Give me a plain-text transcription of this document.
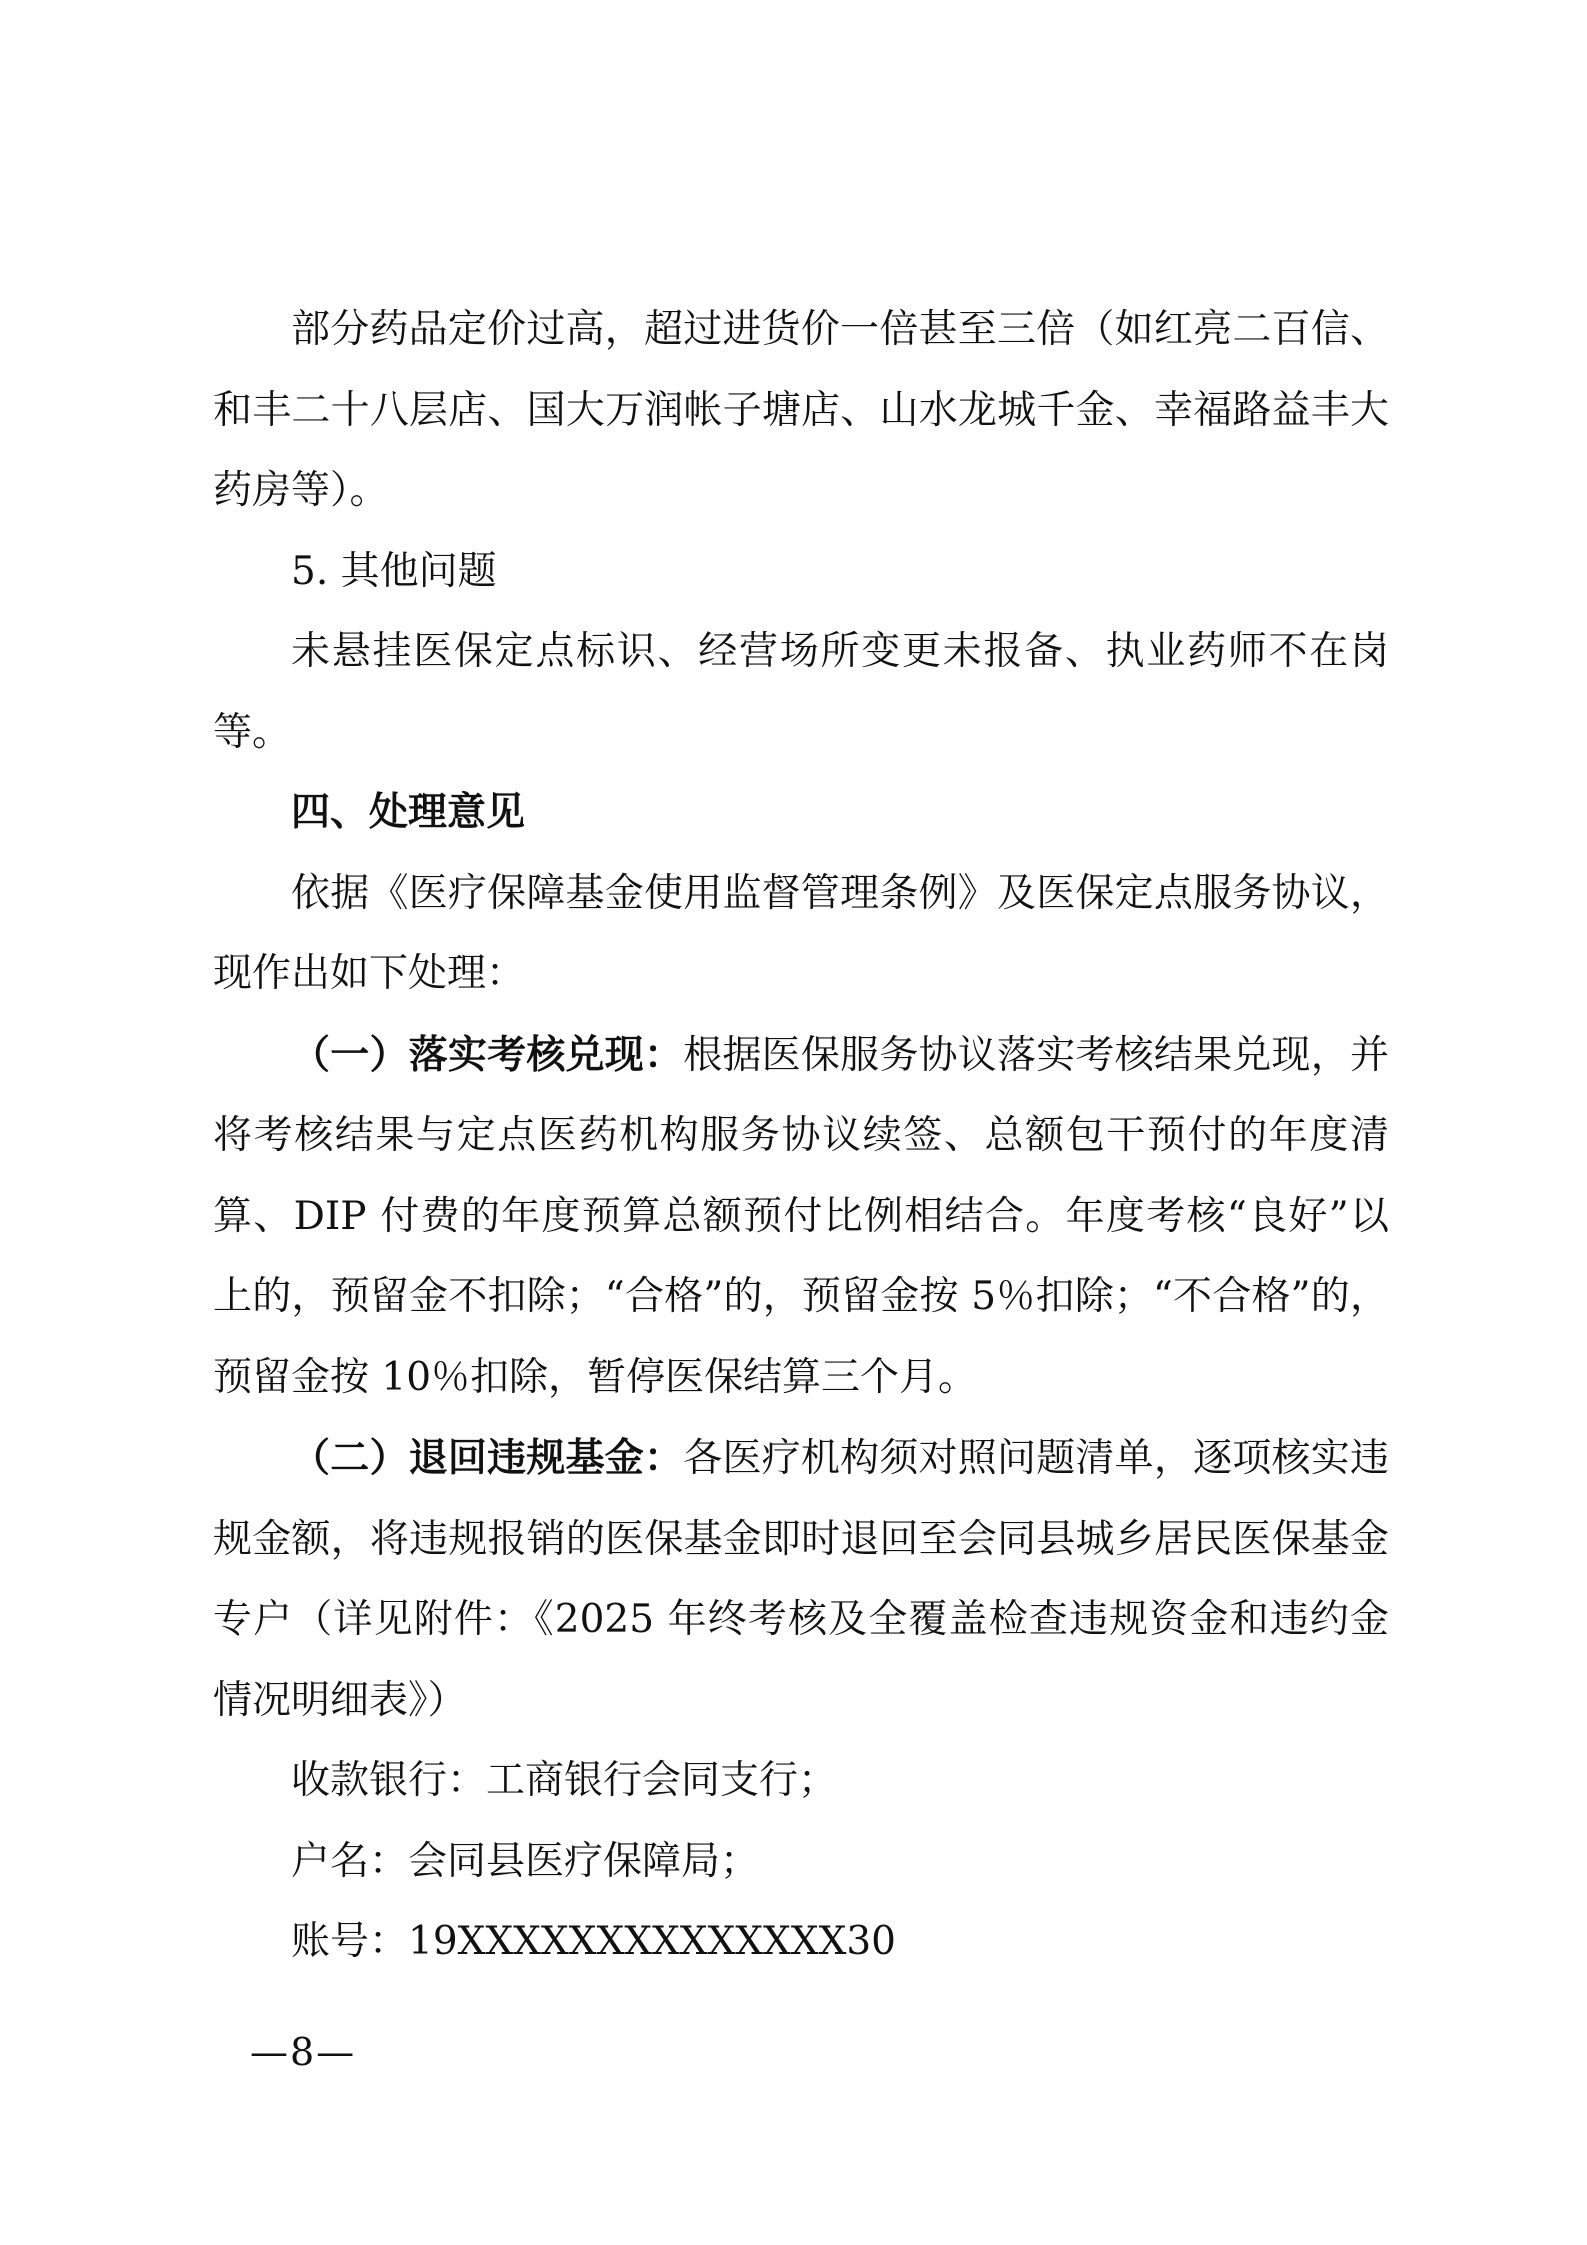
部分药品定价过高，超过进货价一倍甚至三倍（如红亮二百信、和丰二十八层店、国大万润帐子塘店、山水龙城千金、幸福路益丰大药房等）。

5. 其他问题

未悬挂医保定点标识、经营场所变更未报备、执业药师不在岗等。

四、处理意见

依据《医疗保障基金使用监督管理条例》及医保定点服务协议，现作出如下处理：

（一）落实考核兑现：根据医保服务协议落实考核结果兑现，并将考核结果与定点医药机构服务协议续签、总额包干预付的年度清算、DIP 付费的年度预算总额预付比例相结合。年度考核“良好”以上的，预留金不扣除；“合格”的，预留金按 5％扣除；“不合格”的，预留金按 10％扣除，暂停医保结算三个月。

（二）退回违规基金：各医疗机构须对照问题清单，逐项核实违规金额，将违规报销的医保基金即时退回至会同县城乡居民医保基金专户（详见附件：《2025 年终考核及全覆盖检查违规资金和违约金情况明细表》）

收款银行：工商银行会同支行；

户名：会同县医疗保障局；

账号：19XXXXXXXXXXXXXX30

—8—
